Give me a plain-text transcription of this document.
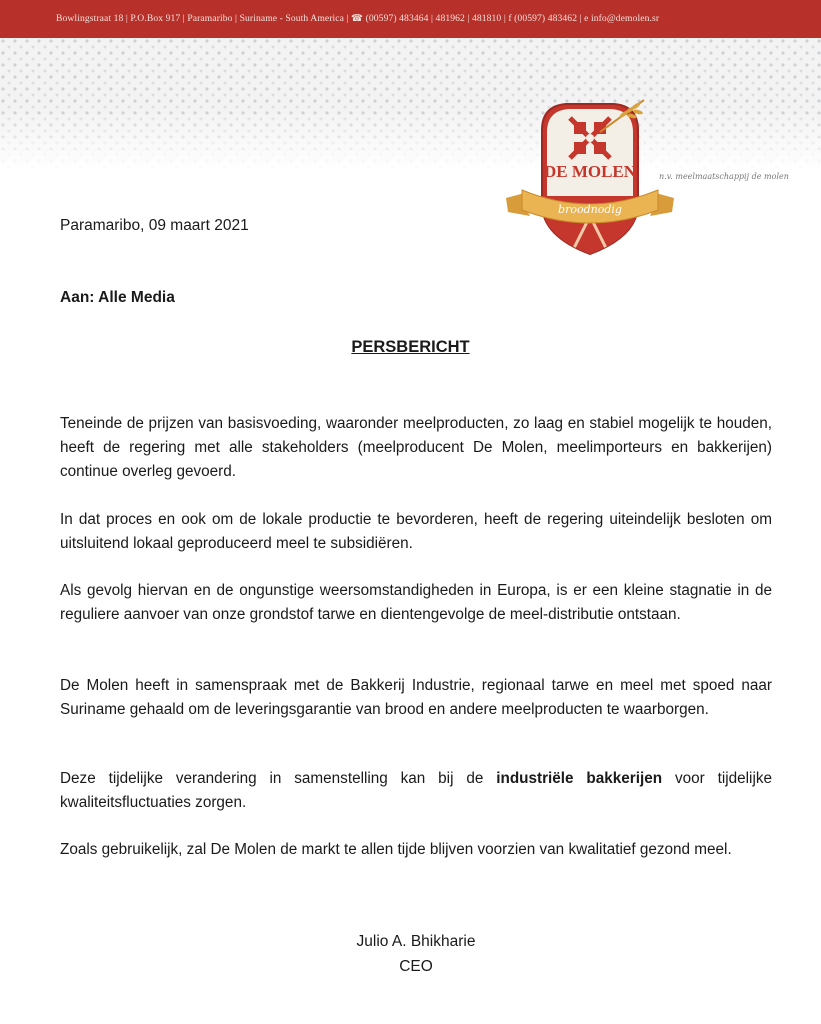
Bowlingstraat 18 | P.O.Box 917 | Paramaribo | Suriname - South America | ☎ (00597) 483464 | 481962 | 481810 | f (00597) 483462 | e info@demolen.sr
DE MOLEN
broodnodig
n.v. meelmaatschappij de molen
Paramaribo, 09 maart 2021
Aan: Alle Media
PERSBERICHT

Teneinde de prijzen van basisvoeding, waaronder meelproducten, zo laag en stabiel mogelijk te houden, heeft de regering met alle stakeholders (meelproducent De Molen, meelimporteurs en bakkerijen) continue overleg gevoerd.

In dat proces en ook om de lokale productie te bevorderen, heeft de regering uiteindelijk besloten om uitsluitend lokaal geproduceerd meel te subsidiëren.

Als gevolg hiervan en de ongunstige weersomstandigheden in Europa, is er een kleine stagnatie in de reguliere aanvoer van onze grondstof tarwe en dientengevolge de meel-distributie ontstaan.

De Molen heeft in samenspraak met de Bakkerij Industrie, regionaal tarwe en meel met spoed naar Suriname gehaald om de leveringsgarantie van brood en andere meelproducten te waarborgen.

Deze tijdelijke verandering in samenstelling kan bij de industriële bakkerijen voor tijdelijke kwaliteitsfluctuaties zorgen.

Zoals gebruikelijk, zal De Molen de markt te allen tijde blijven voorzien van kwalitatief gezond meel.

Julio A. Bhikharie
CEO
